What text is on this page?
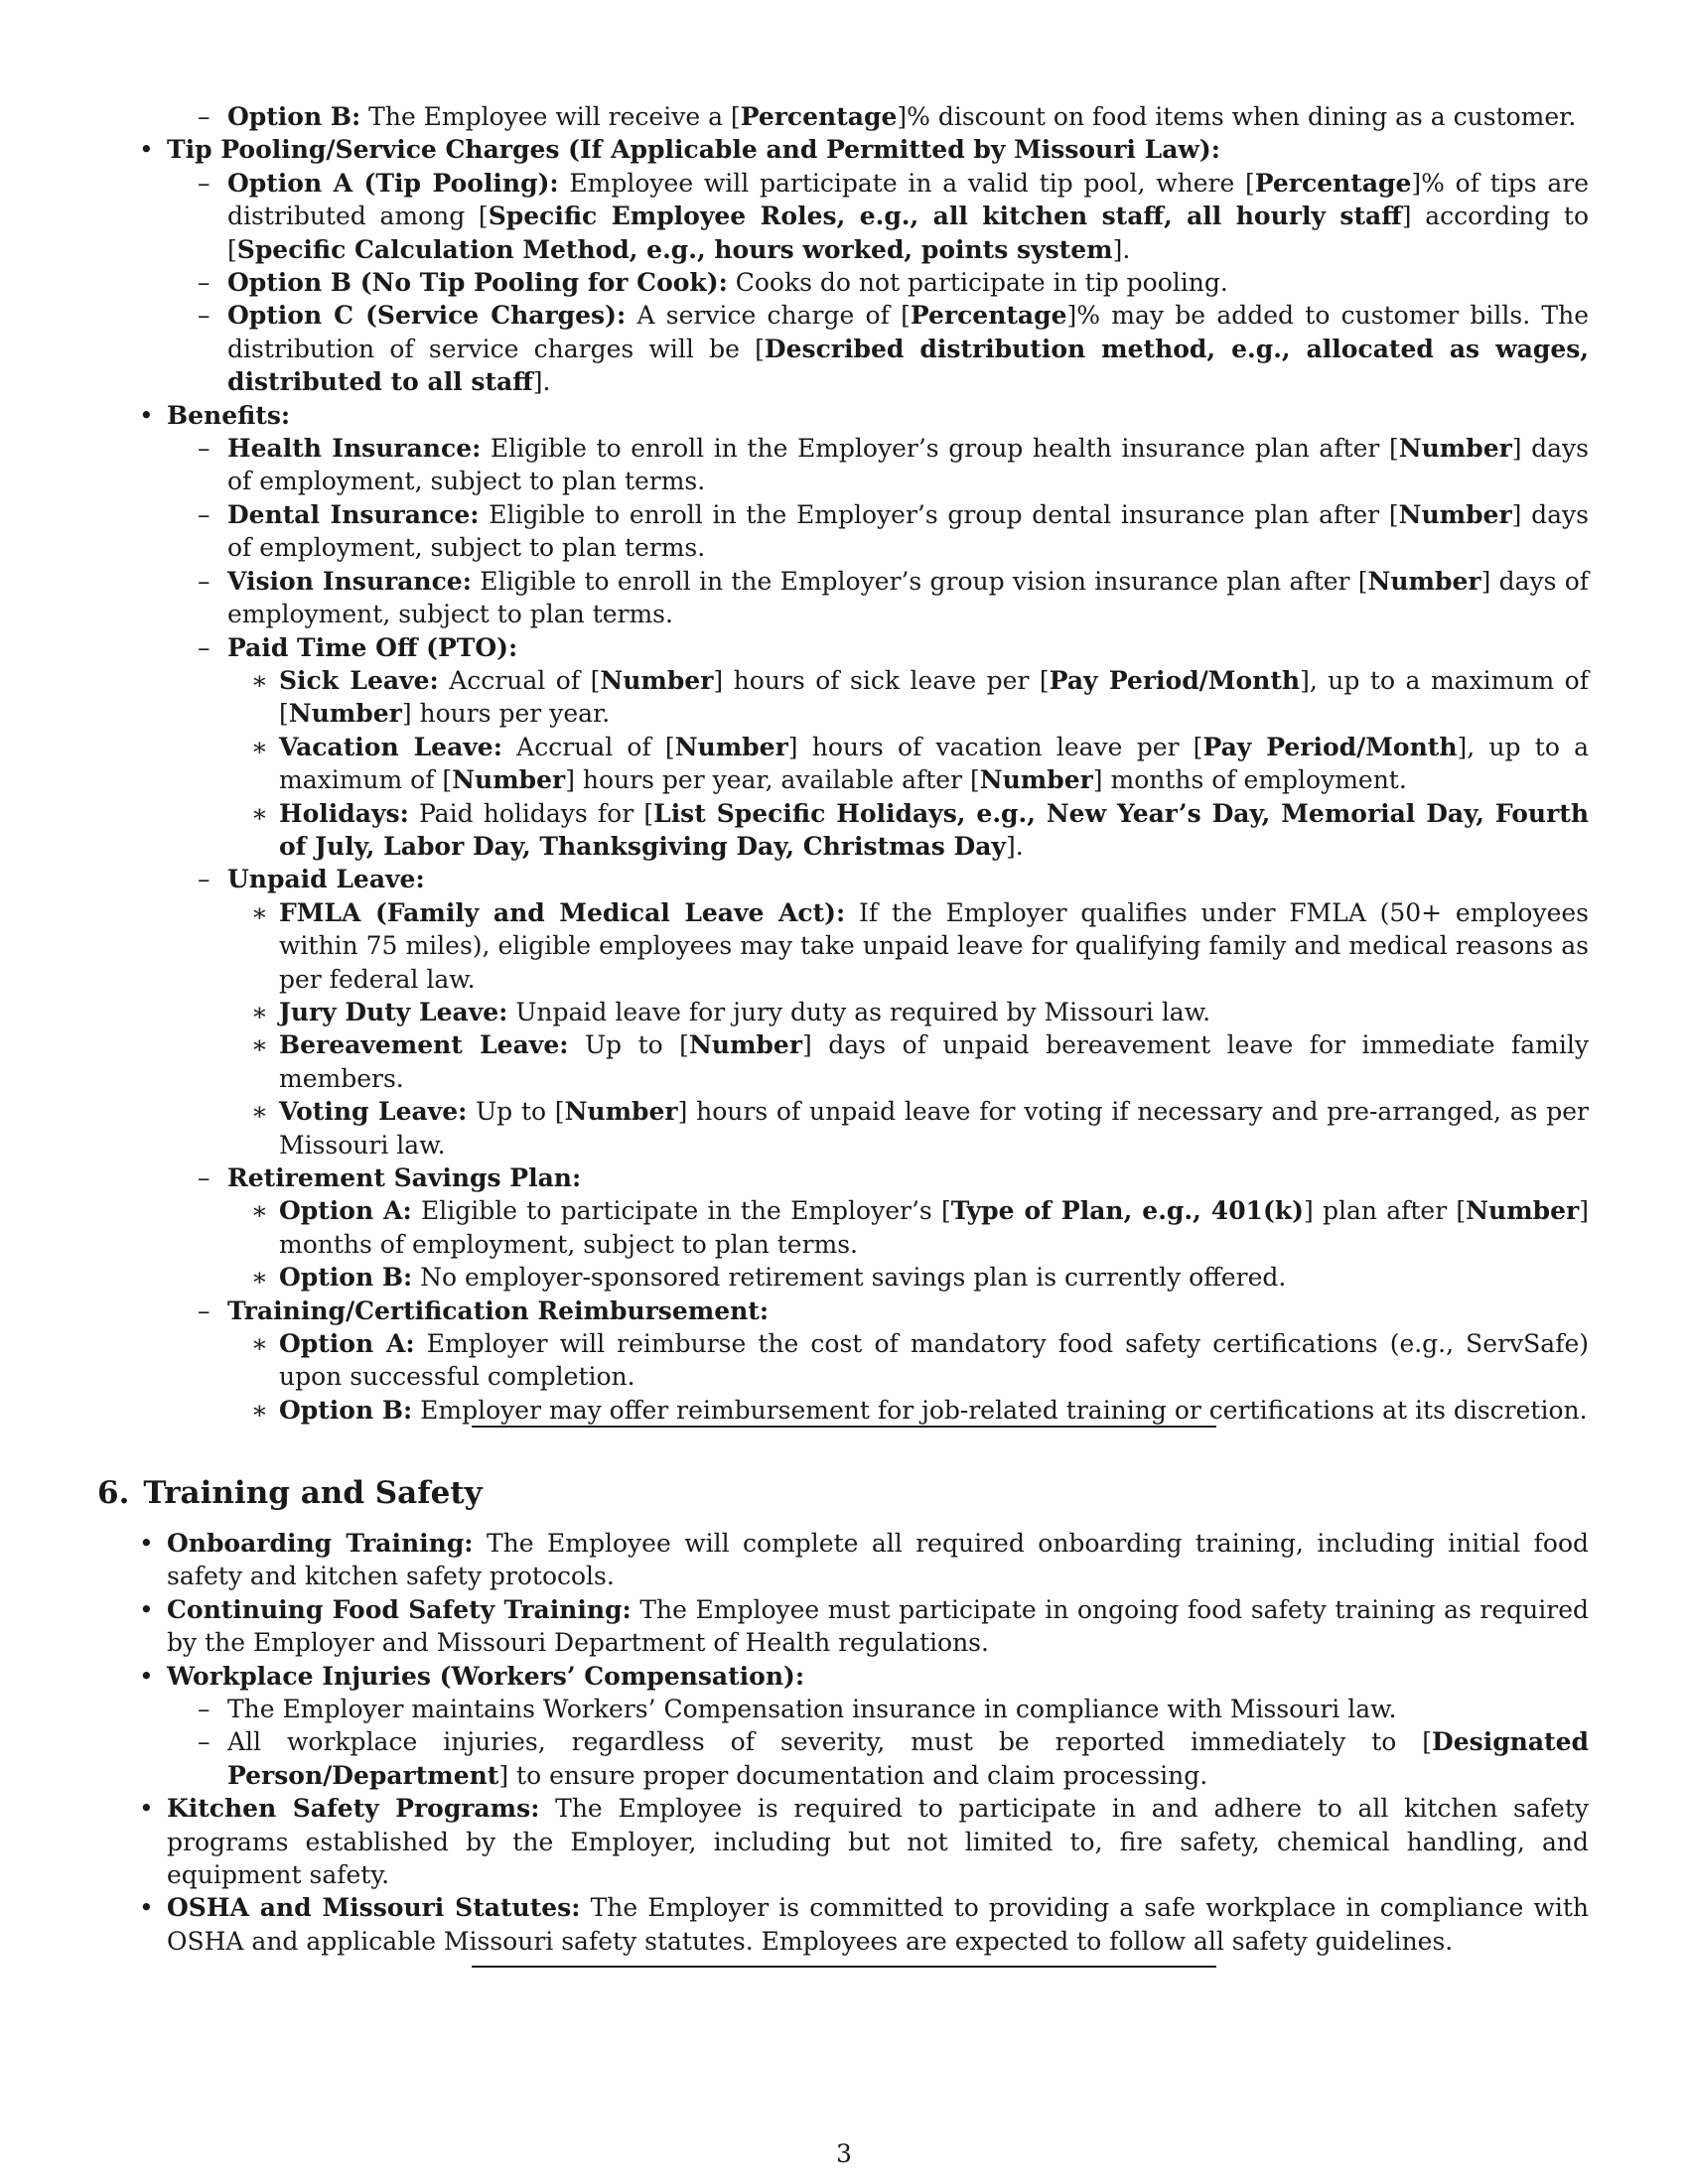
– Option B: The Employee will receive a [Percentage]% discount on food items when dining as a customer.
• Tip Pooling/Service Charges (If Applicable and Permitted by Missouri Law):
– Option A (Tip Pooling): Employee will participate in a valid tip pool, where [Percentage]% of tips are distributed among [Specific Employee Roles, e.g., all kitchen staff, all hourly staff] according to [Specific Calculation Method, e.g., hours worked, points system].
– Option B (No Tip Pooling for Cook): Cooks do not participate in tip pooling.
– Option C (Service Charges): A service charge of [Percentage]% may be added to customer bills. The distribution of service charges will be [Described distribution method, e.g., allocated as wages, distributed to all staff].
• Benefits:
– Health Insurance: Eligible to enroll in the Employer’s group health insurance plan after [Number] days of employment, subject to plan terms.
– Dental Insurance: Eligible to enroll in the Employer’s group dental insurance plan after [Number] days of employment, subject to plan terms.
– Vision Insurance: Eligible to enroll in the Employer’s group vision insurance plan after [Number] days of employment, subject to plan terms.
– Paid Time Off (PTO):
∗ Sick Leave: Accrual of [Number] hours of sick leave per [Pay Period/Month], up to a maximum of [Number] hours per year.
∗ Vacation Leave: Accrual of [Number] hours of vacation leave per [Pay Period/Month], up to a maximum of [Number] hours per year, available after [Number] months of employment.
∗ Holidays: Paid holidays for [List Specific Holidays, e.g., New Year’s Day, Memorial Day, Fourth of July, Labor Day, Thanksgiving Day, Christmas Day].
– Unpaid Leave:
∗ FMLA (Family and Medical Leave Act): If the Employer qualifies under FMLA (50+ employees within 75 miles), eligible employees may take unpaid leave for qualifying family and medical reasons as per federal law.
∗ Jury Duty Leave: Unpaid leave for jury duty as required by Missouri law.
∗ Bereavement Leave: Up to [Number] days of unpaid bereavement leave for immediate family members.
∗ Voting Leave: Up to [Number] hours of unpaid leave for voting if necessary and pre-arranged, as per Missouri law.
– Retirement Savings Plan:
∗ Option A: Eligible to participate in the Employer’s [Type of Plan, e.g., 401(k)] plan after [Number] months of employment, subject to plan terms.
∗ Option B: No employer-sponsored retirement savings plan is currently offered.
– Training/Certification Reimbursement:
∗ Option A: Employer will reimburse the cost of mandatory food safety certifications (e.g., ServSafe) upon successful completion.
∗ Option B: Employer may offer reimbursement for job-related training or certifications at its discretion.
6. Training and Safety
• Onboarding Training: The Employee will complete all required onboarding training, including initial food safety and kitchen safety protocols.
• Continuing Food Safety Training: The Employee must participate in ongoing food safety training as required by the Employer and Missouri Department of Health regulations.
• Workplace Injuries (Workers’ Compensation):
– The Employer maintains Workers’ Compensation insurance in compliance with Missouri law.
– All workplace injuries, regardless of severity, must be reported immediately to [Designated Person/Department] to ensure proper documentation and claim processing.
• Kitchen Safety Programs: The Employee is required to participate in and adhere to all kitchen safety programs established by the Employer, including but not limited to, fire safety, chemical handling, and equipment safety.
• OSHA and Missouri Statutes: The Employer is committed to providing a safe workplace in compliance with OSHA and applicable Missouri safety statutes. Employees are expected to follow all safety guidelines.
3
